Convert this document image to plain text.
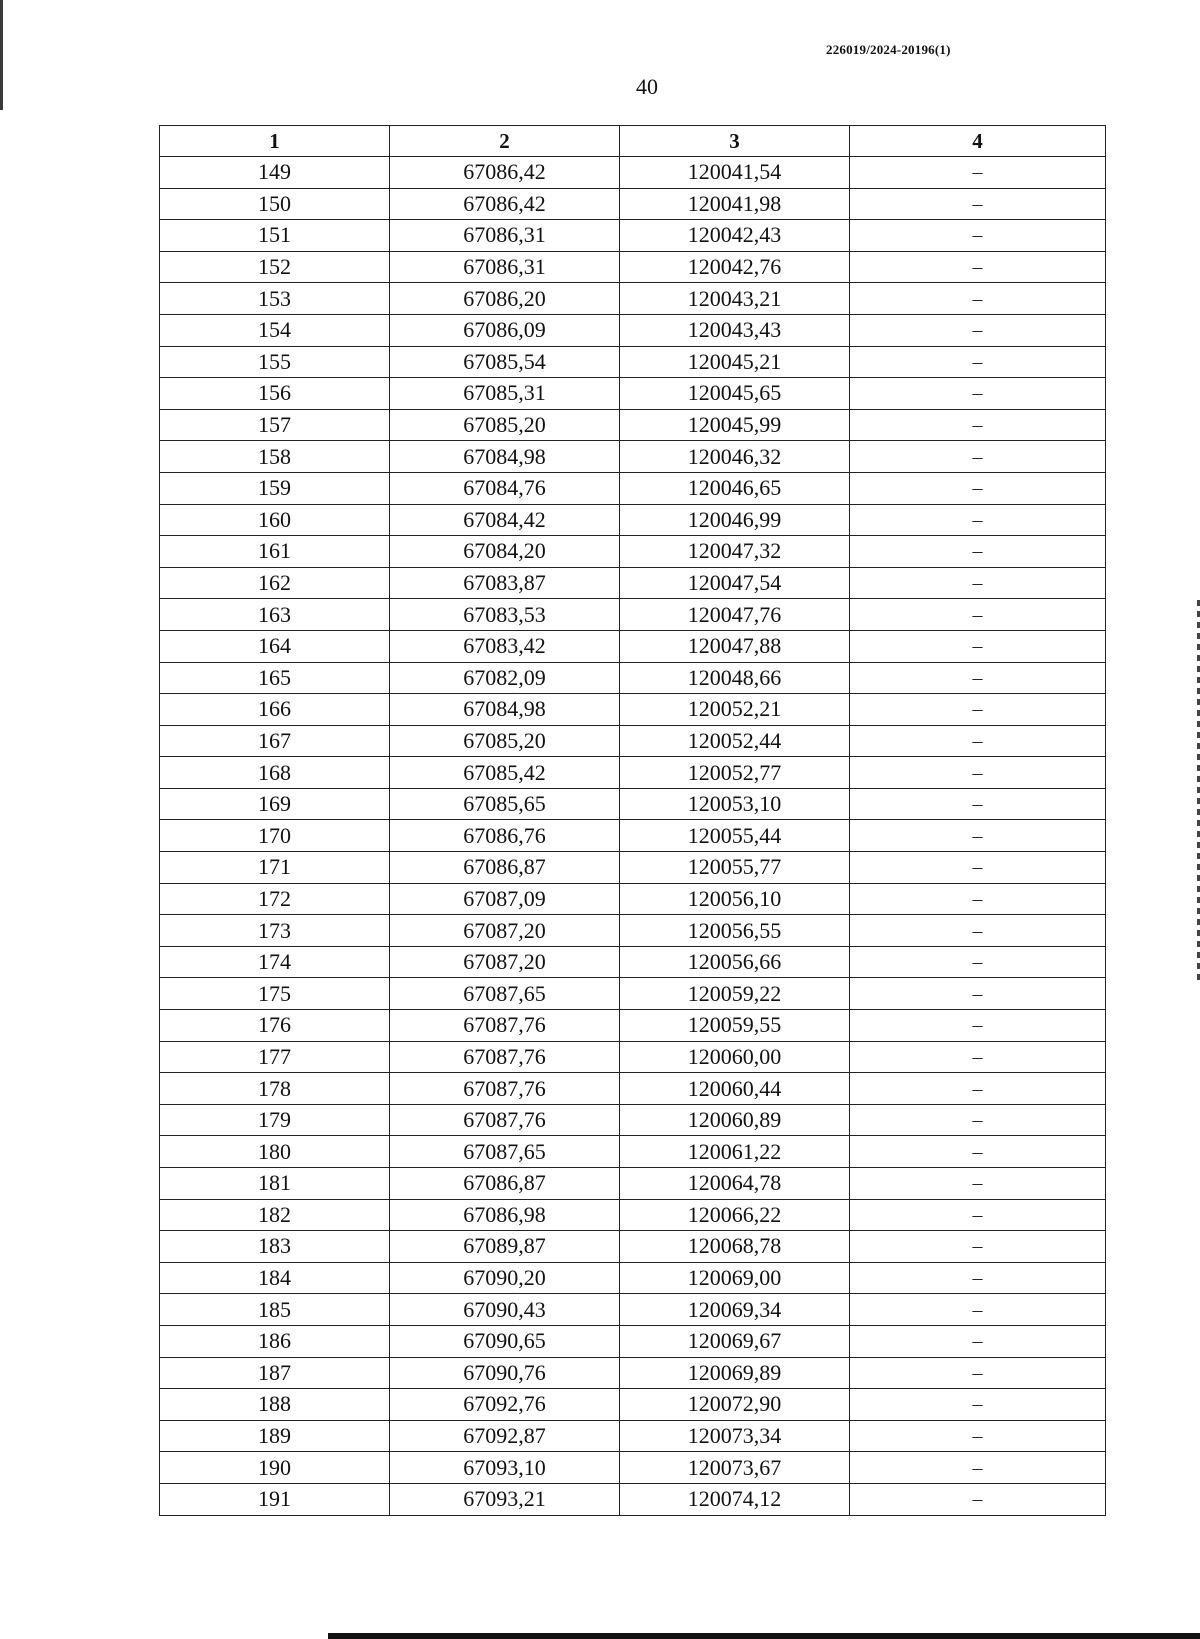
226019/2024-20196(1)
40
1	2	3	4
149	67086,42	120041,54	–
150	67086,42	120041,98	–
151	67086,31	120042,43	–
152	67086,31	120042,76	–
153	67086,20	120043,21	–
154	67086,09	120043,43	–
155	67085,54	120045,21	–
156	67085,31	120045,65	–
157	67085,20	120045,99	–
158	67084,98	120046,32	–
159	67084,76	120046,65	–
160	67084,42	120046,99	–
161	67084,20	120047,32	–
162	67083,87	120047,54	–
163	67083,53	120047,76	–
164	67083,42	120047,88	–
165	67082,09	120048,66	–
166	67084,98	120052,21	–
167	67085,20	120052,44	–
168	67085,42	120052,77	–
169	67085,65	120053,10	–
170	67086,76	120055,44	–
171	67086,87	120055,77	–
172	67087,09	120056,10	–
173	67087,20	120056,55	–
174	67087,20	120056,66	–
175	67087,65	120059,22	–
176	67087,76	120059,55	–
177	67087,76	120060,00	–
178	67087,76	120060,44	–
179	67087,76	120060,89	–
180	67087,65	120061,22	–
181	67086,87	120064,78	–
182	67086,98	120066,22	–
183	67089,87	120068,78	–
184	67090,20	120069,00	–
185	67090,43	120069,34	–
186	67090,65	120069,67	–
187	67090,76	120069,89	–
188	67092,76	120072,90	–
189	67092,87	120073,34	–
190	67093,10	120073,67	–
191	67093,21	120074,12	–
